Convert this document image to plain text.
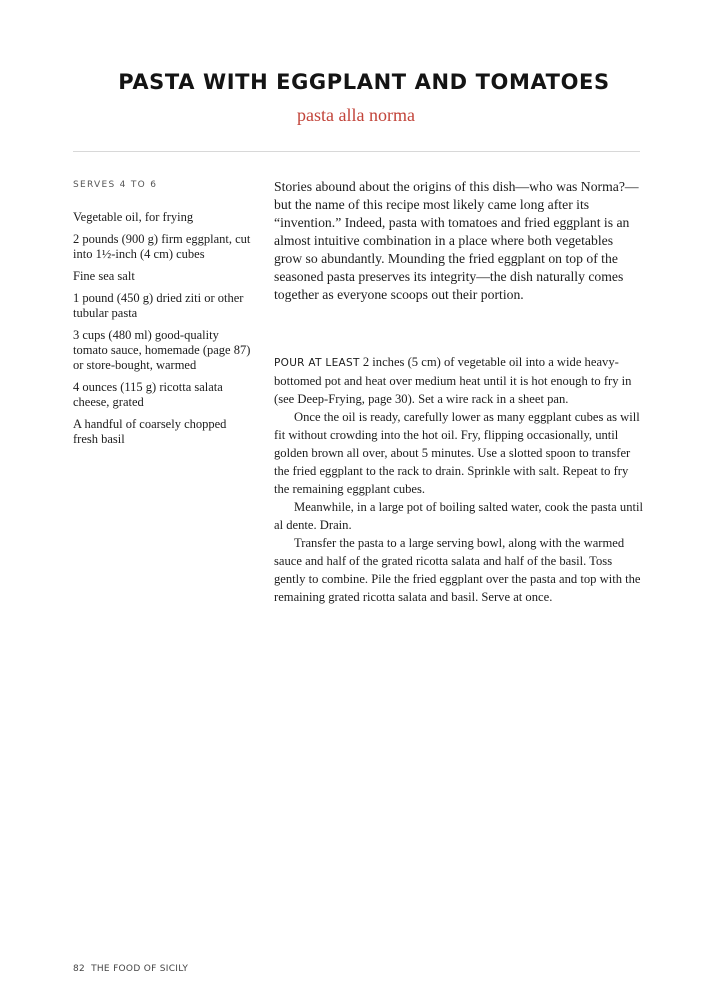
PASTA WITH EGGPLANT AND TOMATOES
pasta alla norma
SERVES 4 TO 6
Vegetable oil, for frying
2 pounds (900 g) firm eggplant, cut into 1½-inch (4 cm) cubes
Fine sea salt
1 pound (450 g) dried ziti or other tubular pasta
3 cups (480 ml) good-quality tomato sauce, homemade (page 87) or store-bought, warmed
4 ounces (115 g) ricotta salata cheese, grated
A handful of coarsely chopped fresh basil
Stories abound about the origins of this dish—who was Norma?—but the name of this recipe most likely came long after its “invention.” Indeed, pasta with tomatoes and fried eggplant is an almost intuitive combination in a place where both vegetables grow so abundantly. Mounding the fried eggplant on top of the seasoned pasta preserves its integrity—the dish naturally comes together as everyone scoops out their portion.

POUR AT LEAST 2 inches (5 cm) of vegetable oil into a wide heavy-bottomed pot and heat over medium heat until it is hot enough to fry in (see Deep-Frying, page 30). Set a wire rack in a sheet pan.

Once the oil is ready, carefully lower as many eggplant cubes as will fit without crowding into the hot oil. Fry, flipping occasionally, until golden brown all over, about 5 minutes. Use a slotted spoon to transfer the fried eggplant to the rack to drain. Sprinkle with salt. Repeat to fry the remaining eggplant cubes.

Meanwhile, in a large pot of boiling salted water, cook the pasta until al dente. Drain.

Transfer the pasta to a large serving bowl, along with the warmed sauce and half of the grated ricotta salata and half of the basil. Toss gently to combine. Pile the fried eggplant over the pasta and top with the remaining grated ricotta salata and basil. Serve at once.

82 THE FOOD OF SICILY
